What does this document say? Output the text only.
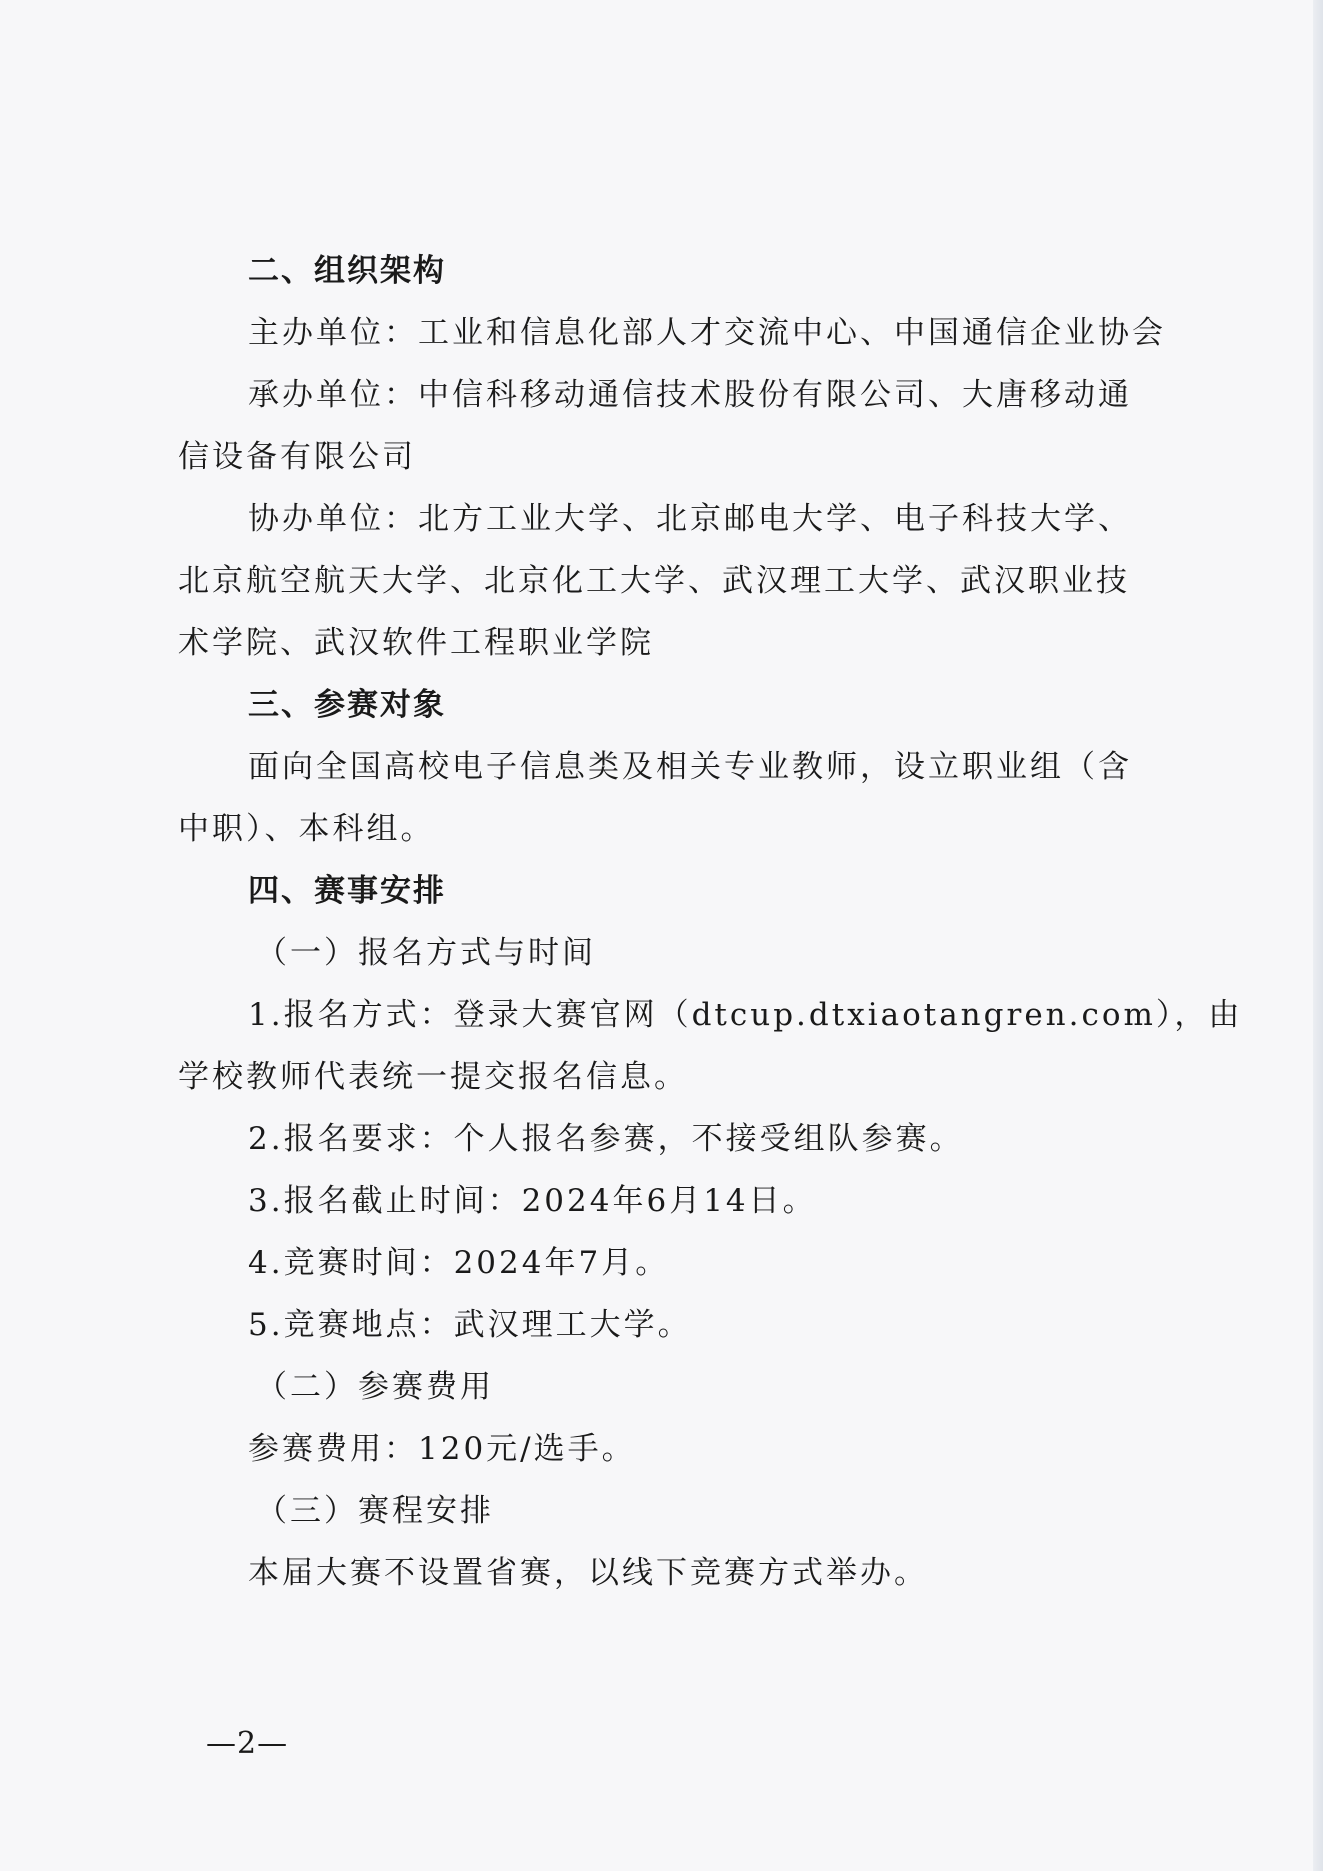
二、组织架构
主办单位：工业和信息化部人才交流中心、中国通信企业协会
承办单位：中信科移动通信技术股份有限公司、大唐移动通
信设备有限公司
协办单位：北方工业大学、北京邮电大学、电子科技大学、
北京航空航天大学、北京化工大学、武汉理工大学、武汉职业技
术学院、武汉软件工程职业学院
三、参赛对象
面向全国高校电子信息类及相关专业教师，设立职业组（含
中职）、本科组。
四、赛事安排
（一）报名方式与时间
1.报名方式：登录大赛官网（dtcup.dtxiaotangren.com），由
学校教师代表统一提交报名信息。
2.报名要求：个人报名参赛，不接受组队参赛。
3.报名截止时间：2024年6月14日。
4.竞赛时间：2024年7月。
5.竞赛地点：武汉理工大学。
（二）参赛费用
参赛费用：120元/选手。
（三）赛程安排
本届大赛不设置省赛，以线下竞赛方式举办。
—2—
